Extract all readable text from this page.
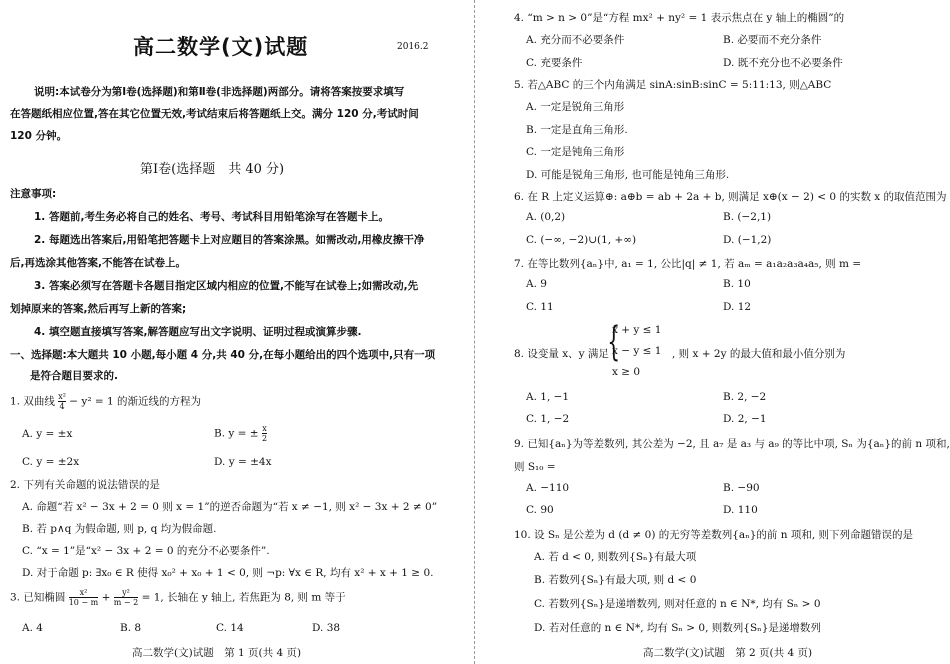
高二数学(文)试题	2016.2
说明:本试卷分为第Ⅰ卷(选择题)和第Ⅱ卷(非选择题)两部分。请将答案按要求填写
在答题纸相应位置,答在其它位置无效,考试结束后将答题纸上交。满分 120 分,考试时间
120 分钟。
第Ⅰ卷(选择题　共 40 分)
注意事项:
1. 答题前,考生务必将自己的姓名、考号、考试科目用铅笔涂写在答题卡上。
2. 每题选出答案后,用铅笔把答题卡上对应题目的答案涂黑。如需改动,用橡皮擦干净
后,再选涂其他答案,不能答在试卷上。
3. 答案必须写在答题卡各题目指定区域内相应的位置,不能写在试卷上;如需改动,先
划掉原来的答案,然后再写上新的答案;
4. 填空题直接填写答案,解答题应写出文字说明、证明过程或演算步骤.
一、选择题:本大题共 10 小题,每小题 4 分,共 40 分,在每小题给出的四个选项中,只有一项
是符合题目要求的.
1. 双曲线 $\frac{\text{x²}}{4} - y^2 = 1$ 的渐近线的方程为
A. y = ±x	B. y = ± $\frac{x}{2}$
C. y = ±2x	D. y = ±4x
2. 下列有关命题的说法错误的是
A. 命题“若 x² − 3x + 2 = 0 则 x = 1”的逆否命题为“若 x ≠ −1, 则 x² − 3x + 2 ≠ 0”
B. 若 p∧q 为假命题, 则 p, q 均为假命题.
C. “x = 1”是“x² − 3x + 2 = 0 的充分不必要条件”.
D. 对于命题 p: ∃x₀ ∈ R 使得 x₀² + x₀ + 1 < 0, 则 ¬p: ∀x ∈ R, 均有 x² + x + 1 ≥ 0.
3. 已知椭圆 $\frac{\text{x²}}{10 - m} + \frac{\text{y²}}{m - 2} = 1$, 长轴在 y 轴上, 若焦距为 8, 则 m 等于
A. 4	B. 8	C. 14	D. 38
高二数学(文)试题　第 1 页(共 4 页)
4. “m > n > 0”是“方程 mx² + ny² = 1 表示焦点在 y 轴上的椭圆”的
A. 充分而不必要条件	B. 必要而不充分条件
C. 充要条件	D. 既不充分也不必要条件
5. 若△ABC 的三个内角满足 sinA:sinB:sinC = 5:11:13, 则△ABC
A. 一定是锐角三角形
B. 一定是直角三角形.
C. 一定是钝角三角形
D. 可能是锐角三角形, 也可能是钝角三角形.
6. 在 R 上定义运算⊕: a⊕b = ab + 2a + b, 则满足 x⊕(x − 2) < 0 的实数 x 的取值范围为
A. (0,2)	B. (−2,1)
C. (−∞, −2)∪(1, +∞)	D. (−1,2)
7. 在等比数列{aₙ}中, a₁ = 1, 公比|q| ≠ 1, 若 aₘ = a₁a₂a₃a₄a₅, 则 m =
A. 9	B. 10
C. 11	D. 12
8. 设变量 x、y 满足
{
x + y ≤ 1
x − y ≤ 1
x ≥ 0
, 则 x + 2y 的最大值和最小值分别为
A. 1, −1	B. 2, −2
C. 1, −2	D. 2, −1
9. 已知{aₙ}为等差数列, 其公差为 −2, 且 a₇ 是 a₃ 与 a₉ 的等比中项, Sₙ 为{aₙ}的前 n 项和,
则 S₁₀ =
A. −110	B. −90
C. 90	D. 110
10. 设 Sₙ 是公差为 d (d ≠ 0) 的无穷等差数列{aₙ}的前 n 项和, 则下列命题错误的是
A. 若 d < 0, 则数列{Sₙ}有最大项
B. 若数列{Sₙ}有最大项, 则 d < 0
C. 若数列{Sₙ}是递增数列, 则对任意的 n ∈ N*, 均有 Sₙ > 0
D. 若对任意的 n ∈ N*, 均有 Sₙ > 0, 则数列{Sₙ}是递增数列
高二数学(文)试题　第 2 页(共 4 页)
